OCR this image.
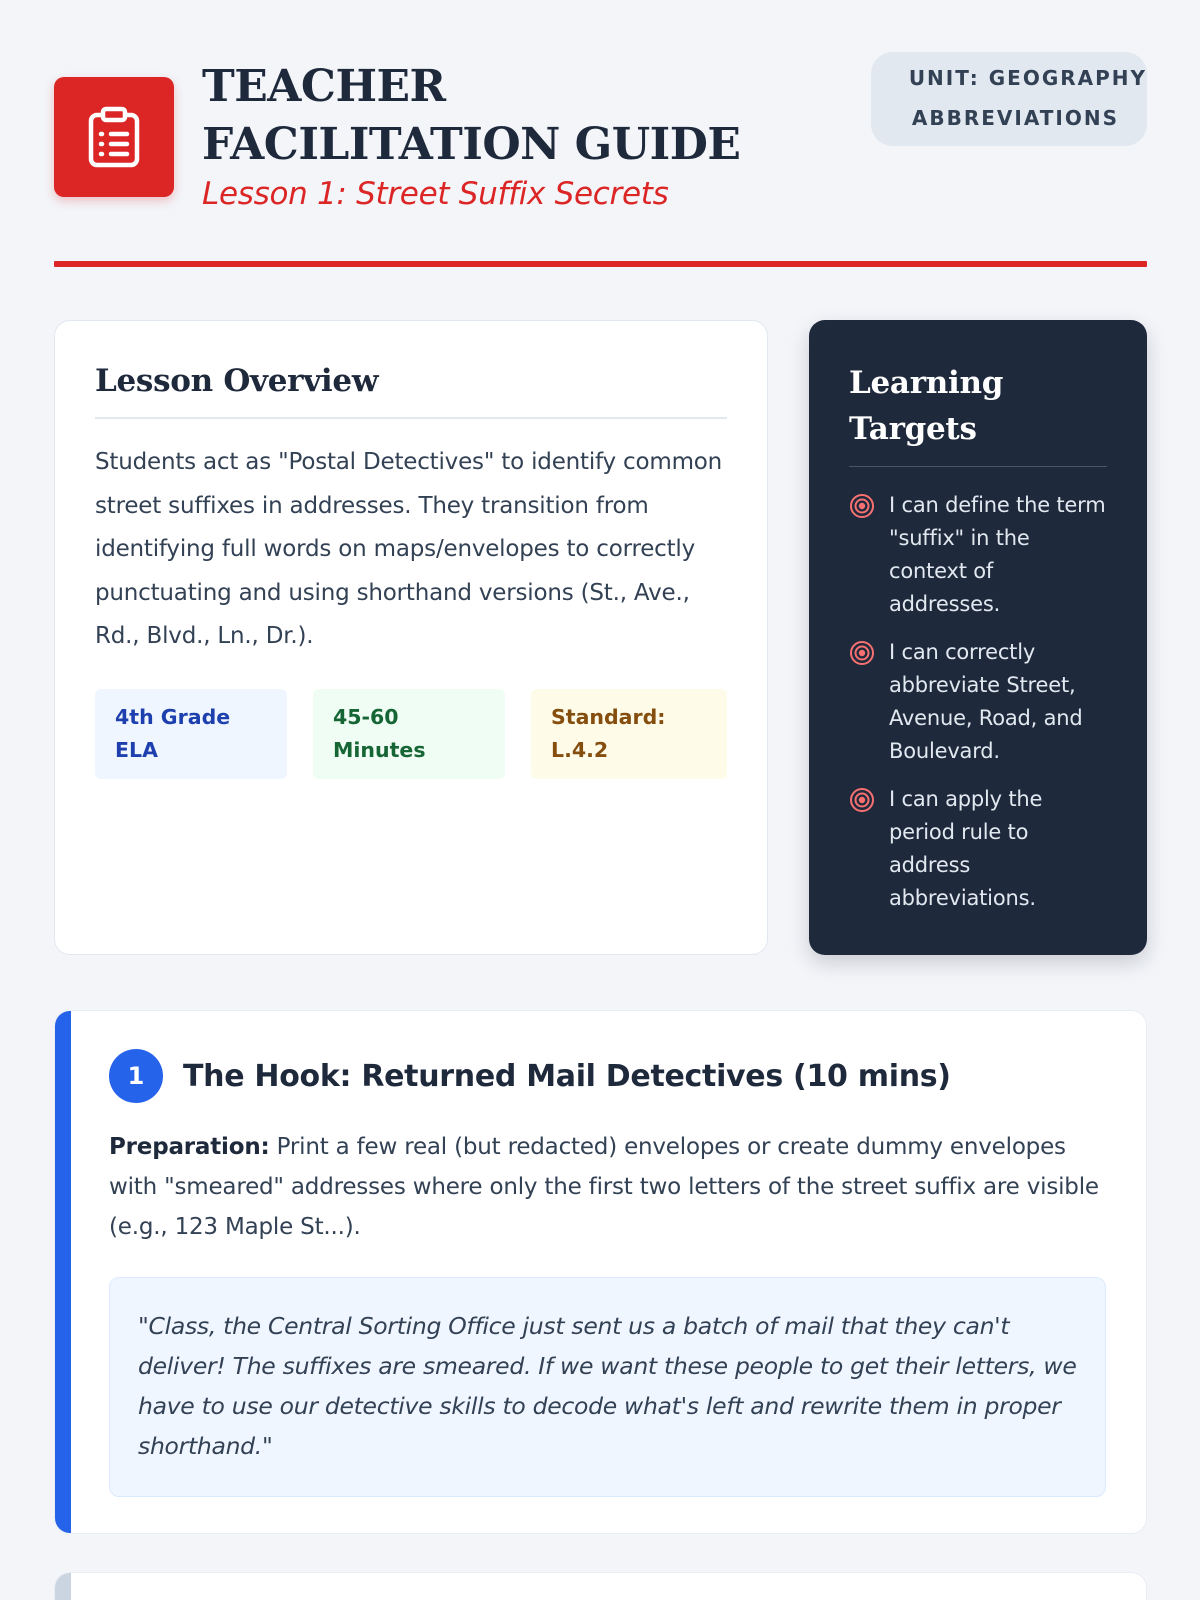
TEACHER
FACILITATION GUIDE
Lesson 1: Street Suffix Secrets
UNIT: GEOGRAPHY
ABBREVIATIONS
Lesson Overview

Students act as "Postal Detectives" to identify common street suffixes in addresses. They transition from identifying full words on maps/envelopes to correctly punctuating and using shorthand versions (St., Ave., Rd., Blvd., Ln., Dr.).

4th Grade ELA
45-60 Minutes
Standard: L.4.2
Learning Targets
I can define the term "suffix" in the context of addresses.
I can correctly abbreviate Street, Avenue, Road, and Boulevard.
I can apply the period rule to address abbreviations.
1	The Hook: Returned Mail Detectives (10 mins)

Preparation: Print a few real (but redacted) envelopes or create dummy envelopes with "smeared" addresses where only the first two letters of the street suffix are visible (e.g., 123 Maple St...).

"Class, the Central Sorting Office just sent us a batch of mail that they can't deliver! The suffixes are smeared. If we want these people to get their letters, we have to use our detective skills to decode what's left and rewrite them in proper shorthand."
